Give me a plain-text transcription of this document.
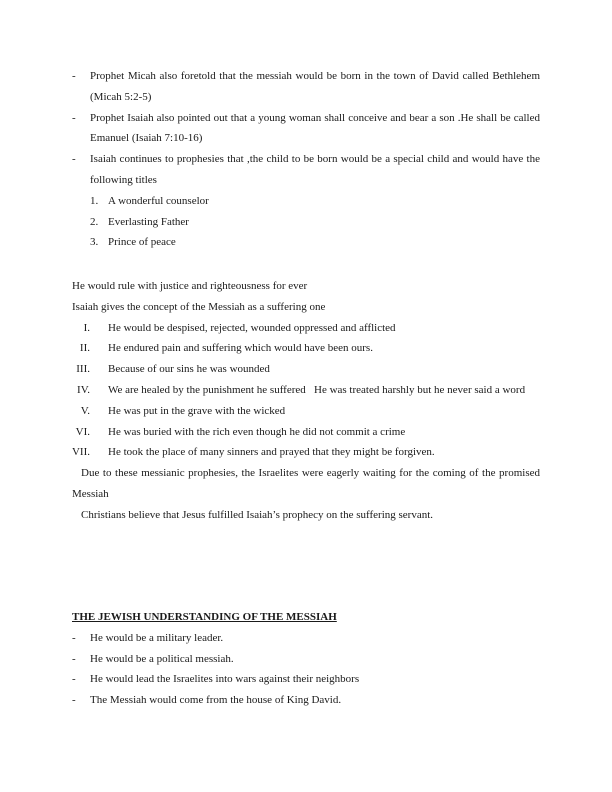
- Prophet Micah also foretold that the messiah would be born in the town of David called Bethlehem (Micah 5:2-5)
- Prophet Isaiah also pointed out that a young woman shall conceive and bear a son .He shall be called Emanuel (Isaiah 7:10-16)
- Isaiah continues to prophesies that ,the child to be born would be a special child and would have the following titles
1. A wonderful counselor
2. Everlasting Father
3. Prince of peace
He would rule with justice and righteousness for ever
Isaiah gives the concept of the Messiah as a suffering one
I. He would be despised, rejected, wounded oppressed and afflicted
II. He endured pain and suffering which would have been ours.
III. Because of our sins he was wounded
IV. We are healed by the punishment he suffered   He was treated harshly but he never said a word
V. He was put in the grave with the wicked
VI. He was buried with the rich even though he did not commit a crime
VII. He took the place of many sinners and prayed that they might be forgiven.
Due to these messianic prophesies, the Israelites were eagerly waiting for the coming of the promised Messiah
Christians believe that Jesus fulfilled Isaiah’s prophecy on the suffering servant.
THE JEWISH UNDERSTANDING OF THE MESSIAH
- He would be a military leader.
- He would be a political messiah.
- He would lead the Israelites into wars against their neighbors
- The Messiah would come from the house of King David.
